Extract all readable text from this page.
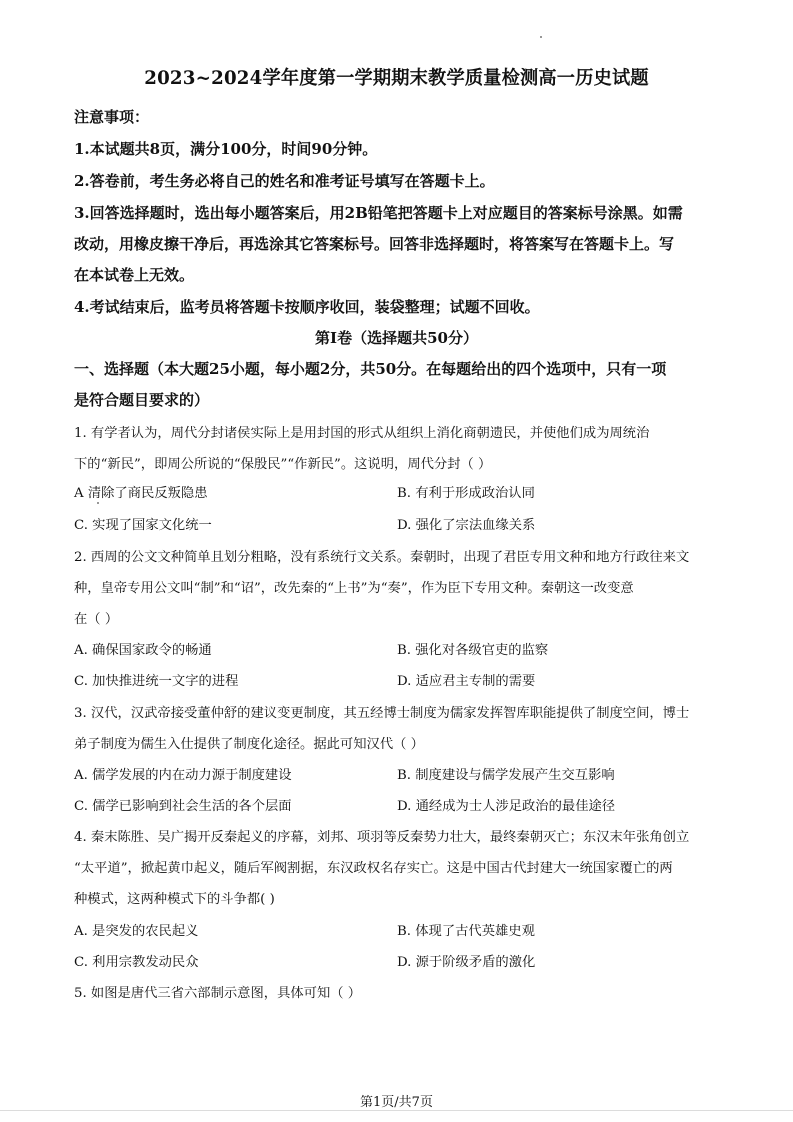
2023~2024学年度第一学期期末教学质量检测高一历史试题
注意事项：
1.本试题共8页，满分100分，时间90分钟。
2.答卷前，考生务必将自己的姓名和准考证号填写在答题卡上。
3.回答选择题时，选出每小题答案后，用2B铅笔把答题卡上对应题目的答案标号涂黑。如需
改动，用橡皮擦干净后，再选涂其它答案标号。回答非选择题时，将答案写在答题卡上。写
在本试卷上无效。
4.考试结束后，监考员将答题卡按顺序收回，装袋整理；试题不回收。
第Ⅰ卷（选择题共50分）
一、选择题（本大题25小题，每小题2分，共50分。在每题给出的四个选项中，只有一项
是符合题目要求的）
1. 有学者认为，周代分封诸侯实际上是用封国的形式从组织上消化商朝遗民，并使他们成为周统治
下的“新民”，即周公所说的“保殷民”“作新民”。这说明，周代分封（ ）
A 清除了商民反叛隐患	B. 有利于形成政治认同
C. 实现了国家文化统一	D. 强化了宗法血缘关系
2. 西周的公文文种简单且划分粗略，没有系统行文关系。秦朝时，出现了君臣专用文种和地方行政往来文
种，皇帝专用公文叫“制”和“诏”，改先秦的“上书”为“奏”，作为臣下专用文种。秦朝这一改变意
在（ ）
A. 确保国家政令的畅通	B. 强化对各级官吏的监察
C. 加快推进统一文字的进程	D. 适应君主专制的需要
3. 汉代，汉武帝接受董仲舒的建议变更制度，其五经博士制度为儒家发挥智库职能提供了制度空间，博士
弟子制度为儒生入仕提供了制度化途径。据此可知汉代（ ）
A. 儒学发展的内在动力源于制度建设	B. 制度建设与儒学发展产生交互影响
C. 儒学已影响到社会生活的各个层面	D. 通经成为士人涉足政治的最佳途径
4. 秦末陈胜、吴广揭开反秦起义的序幕，刘邦、项羽等反秦势力壮大，最终秦朝灭亡；东汉末年张角创立
“太平道”，掀起黄巾起义，随后军阀割据，东汉政权名存实亡。这是中国古代封建大一统国家覆亡的两
种模式，这两种模式下的斗争都( )
A. 是突发的农民起义	B. 体现了古代英雄史观
C. 利用宗教发动民众	D. 源于阶级矛盾的激化
5. 如图是唐代三省六部制示意图，具体可知（ ）
第1页/共7页
